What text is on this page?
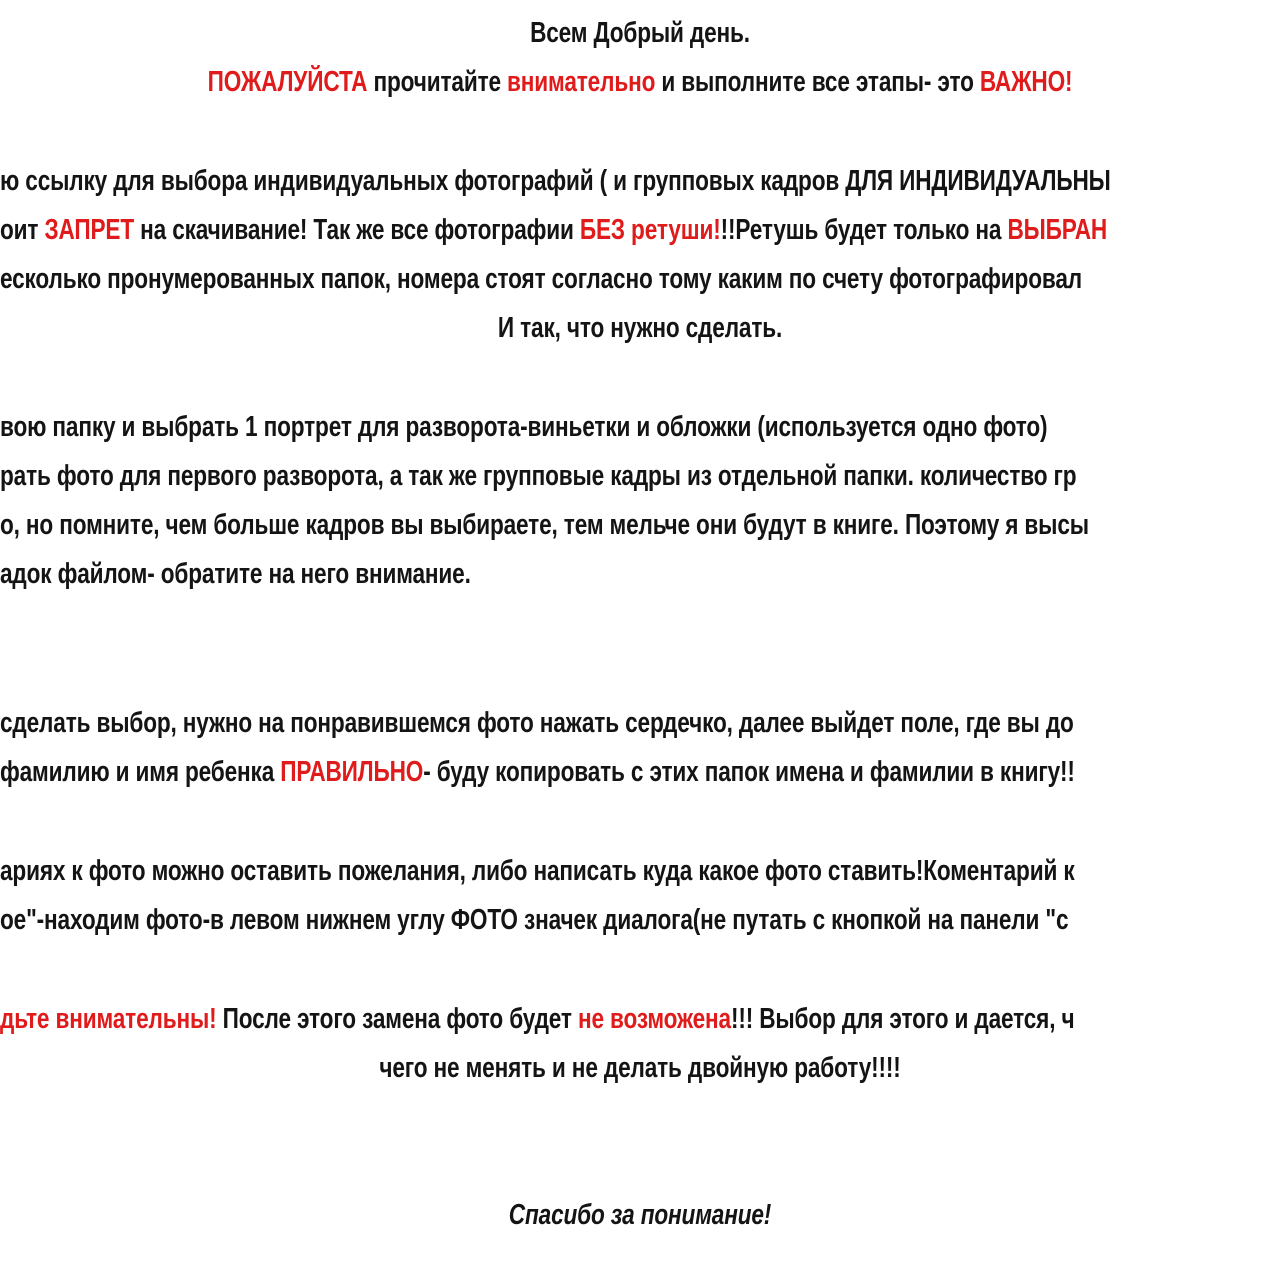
Всем Добрый день.
ПОЖАЛУЙСТА прочитайте внимательно и выполните все этапы- это ВАЖНО!
ю ссылку для выбора индивидуальных фотографий ( и групповых кадров ДЛЯ ИНДИВИДУАЛЬНЫ
оит ЗАПРЕТ на скачивание! Так же все фотографии БЕЗ ретуши!!!Ретушь будет только на ВЫБРАН
есколько пронумерованных папок, номера стоят согласно тому каким по счету фотографировал
И так, что нужно сделать.
вою папку и выбрать 1 портрет для разворота-виньетки и обложки (используется одно фото)
рать фото для первого разворота, а так же групповые кадры из отдельной папки. количество гр
о, но помните, чем больше кадров вы выбираете, тем мельче они будут в книге. Поэтому я высы
адок файлом- обратите на него внимание.
сделать выбор, нужно на понравившемся фото нажать сердечко, далее выйдет поле, где вы до
фамилию и имя ребенка ПРАВИЛЬНО- буду копировать с этих папок имена и фамилии в книгу!!
ариях к фото можно оставить пожелания, либо написать куда какое фото ставить!Коментарий к
ое"-находим фото-в левом нижнем углу ФОТО значек диалога(не путать с кнопкой на панели "с
дьте внимательны! После этого замена фото будет не возможена!!! Выбор для этого и дается, ч
чего не менять и не делать двойную работу!!!!
Спасибо за понимание!
